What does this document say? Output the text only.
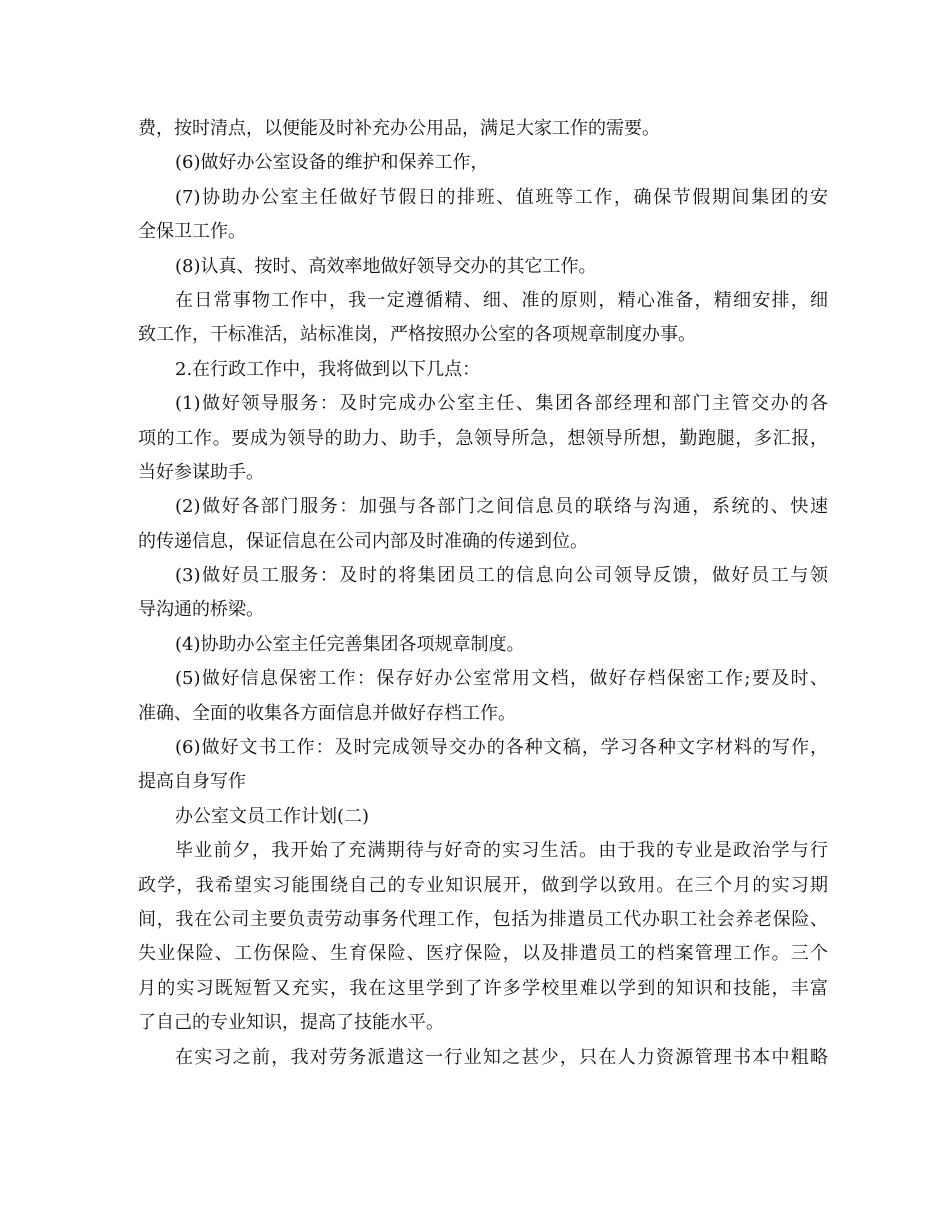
费，按时清点，以便能及时补充办公用品，满足大家工作的需要。
(6)做好办公室设备的维护和保养工作，
(7)协助办公室主任做好节假日的排班、值班等工作，确保节假期间集团的安
全保卫工作。
(8)认真、按时、高效率地做好领导交办的其它工作。
在日常事物工作中，我一定遵循精、细、准的原则，精心准备，精细安排，细
致工作，干标准活，站标准岗，严格按照办公室的各项规章制度办事。
2.在行政工作中，我将做到以下几点：
(1)做好领导服务：及时完成办公室主任、集团各部经理和部门主管交办的各
项的工作。要成为领导的助力、助手，急领导所急，想领导所想，勤跑腿，多汇报，
当好参谋助手。
(2)做好各部门服务：加强与各部门之间信息员的联络与沟通，系统的、快速
的传递信息，保证信息在公司内部及时准确的传递到位。
(3)做好员工服务：及时的将集团员工的信息向公司领导反馈，做好员工与领
导沟通的桥梁。
(4)协助办公室主任完善集团各项规章制度。
(5)做好信息保密工作：保存好办公室常用文档，做好存档保密工作;要及时、
准确、全面的收集各方面信息并做好存档工作。
(6)做好文书工作：及时完成领导交办的各种文稿，学习各种文字材料的写作，
提高自身写作
办公室文员工作计划(二)
毕业前夕，我开始了充满期待与好奇的实习生活。由于我的专业是政治学与行
政学，我希望实习能围绕自己的专业知识展开，做到学以致用。在三个月的实习期
间，我在公司主要负责劳动事务代理工作，包括为排遣员工代办职工社会养老保险、
失业保险、工伤保险、生育保险、医疗保险，以及排遣员工的档案管理工作。三个
月的实习既短暂又充实，我在这里学到了许多学校里难以学到的知识和技能，丰富
了自己的专业知识，提高了技能水平。
在实习之前，我对劳务派遣这一行业知之甚少，只在人力资源管理书本中粗略
